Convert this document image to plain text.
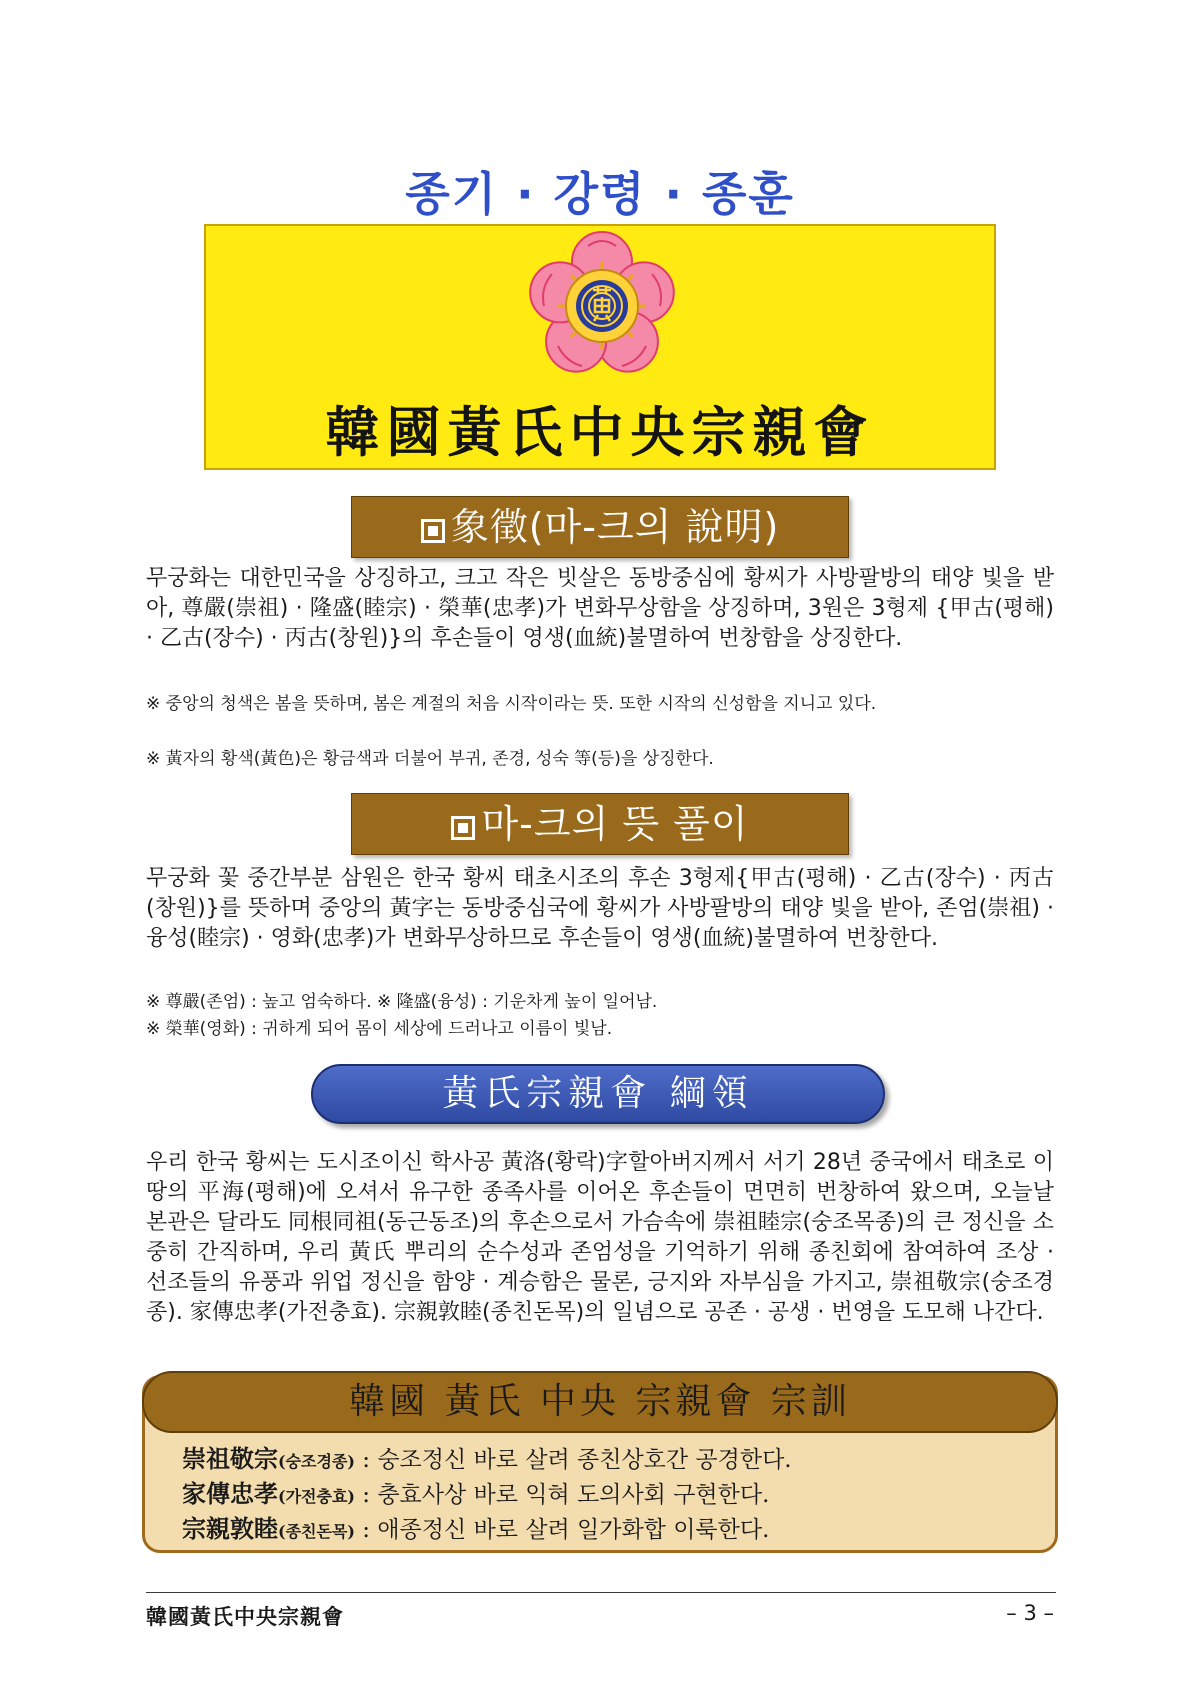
종기 · 강령 · 종훈
韓國黃氏中央宗親會
象徵(마-크의 說明)
무궁화는 대한민국을 상징하고, 크고 작은 빗살은 동방중심에 황씨가 사방팔방의 태양 빛을 받아, 尊嚴(崇祖) · 隆盛(睦宗) · 榮華(忠孝)가 변화무상함을 상징하며, 3원은 3형제 {甲古(평해) · 乙古(장수) · 丙古(창원)}의 후손들이 영생(血統)불멸하여 번창함을 상징한다.
※ 중앙의 청색은 봄을 뜻하며, 봄은 계절의 처음 시작이라는 뜻. 또한 시작의 신성함을 지니고 있다.
※ 黃자의 황색(黃色)은 황금색과 더불어 부귀, 존경, 성숙 等(등)을 상징한다.
마-크의 뜻 풀이
무궁화 꽃 중간부분 삼원은 한국 황씨 태초시조의 후손 3형제{甲古(평해) · 乙古(장수) · 丙古(창원)}를 뜻하며 중앙의 黃字는 동방중심국에 황씨가 사방팔방의 태양 빛을 받아, 존엄(崇祖) · 융성(睦宗) · 영화(忠孝)가 변화무상하므로 후손들이 영생(血統)불멸하여 번창한다.
※ 尊嚴(존엄) : 높고 엄숙하다. ※ 隆盛(융성) : 기운차게 높이 일어남.
※ 榮華(영화) : 귀하게 되어 몸이 세상에 드러나고 이름이 빛남.
黃氏宗親會 綱領
우리 한국 황씨는 도시조이신 학사공 黃洛(황락)字할아버지께서 서기 28년 중국에서 태초로 이 땅의 平海(평해)에 오셔서 유구한 종족사를 이어온 후손들이 면면히 번창하여 왔으며, 오늘날 본관은 달라도 同根同祖(동근동조)의 후손으로서 가슴속에 崇祖睦宗(숭조목종)의 큰 정신을 소중히 간직하며, 우리 黃氏 뿌리의 순수성과 존엄성을 기억하기 위해 종친회에 참여하여 조상 · 선조들의 유풍과 위업 정신을 함양 · 계승함은 물론, 긍지와 자부심을 가지고, 崇祖敬宗(숭조경종). 家傳忠孝(가전충효). 宗親敦睦(종친돈목)의 일념으로 공존 · 공생 · 번영을 도모해 나간다.
韓國 黃氏 中央 宗親會 宗訓
崇祖敬宗(숭조경종) : 숭조정신 바로 살려 종친상호간 공경한다.
家傳忠孝(가전충효) : 충효사상 바로 익혀 도의사회 구현한다.
宗親敦睦(종친돈목) : 애종정신 바로 살려 일가화합 이룩한다.
韓國黃氏中央宗親會	– 3 –
